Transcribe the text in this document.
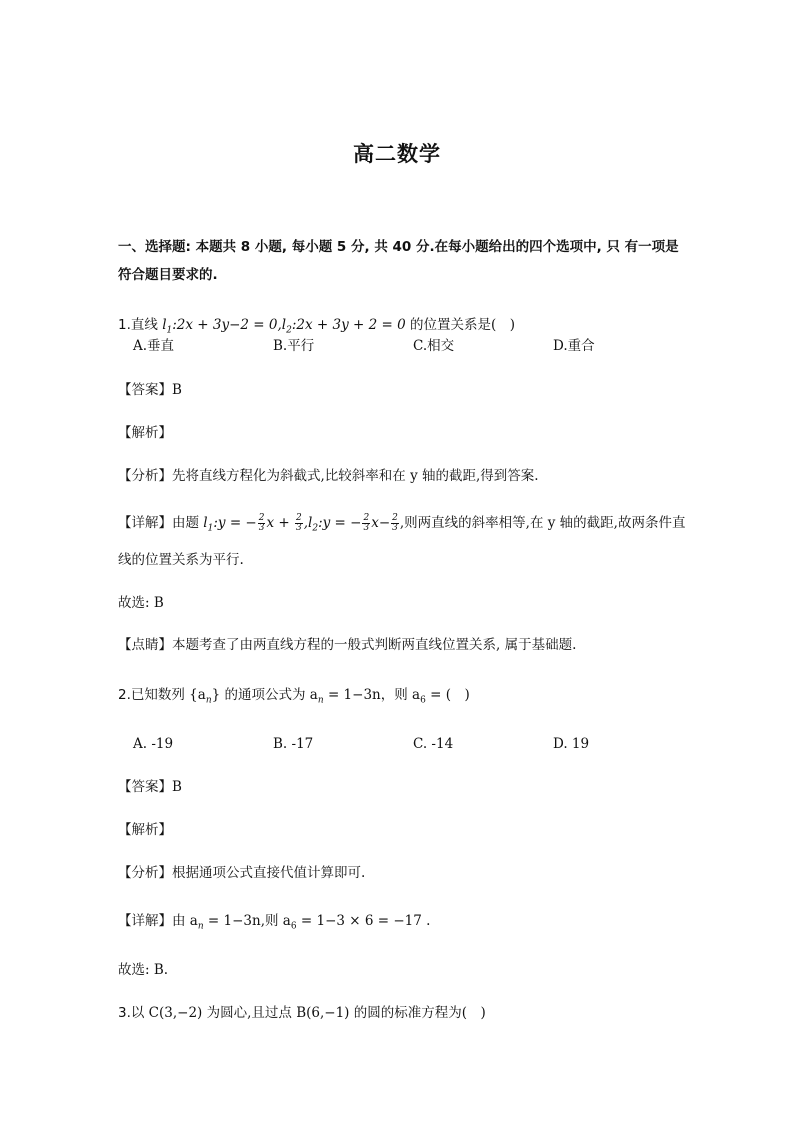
高二数学
一、选择题: 本题共 8 小题, 每小题 5 分, 共 40 分.在每小题给出的四个选项中, 只 有一项是
符合题目要求的.
1.直线 $l_1:2x + 3y-2$ = $0,l_2:2x + 3y + 2 = 0$ 的位置关系是(　)
A.垂直	B.平行	C.相交	D.重合
【答案】B
【解析】
【分析】先将直线方程化为斜截式,比较斜率和在 y 轴的截距,得到答案.
【详解】由题 $l_1:y$ = − $\frac{2}{3}$ $x + \frac{2}{3}$ $,l_2:y$ = − $\frac{2}{3} x- \frac{2}{3}$ ,则两直线的斜率相等,在 y 轴的截距,故两条件直
线的位置关系为平行.
故选: B
【点睛】本题考查了由两直线方程的一般式判断两直线位置关系, 属于基础题.
2.已知数列 $\{a_n\}$ 的通项公式为 $a_n = 1-3n$，则 $a_6$ = (　)
A. -19	B. -17	C. -14	D. 19
【答案】B
【解析】
【分析】根据通项公式直接代值计算即可.
【详解】由 $a_n = 1-3n$,则 $a_6 = 1-3 \times 6 = -17$ .
故选: B.
3.以 C(3,−2) 为圆心,且过点 B(6,−1) 的圆的标准方程为(　)
